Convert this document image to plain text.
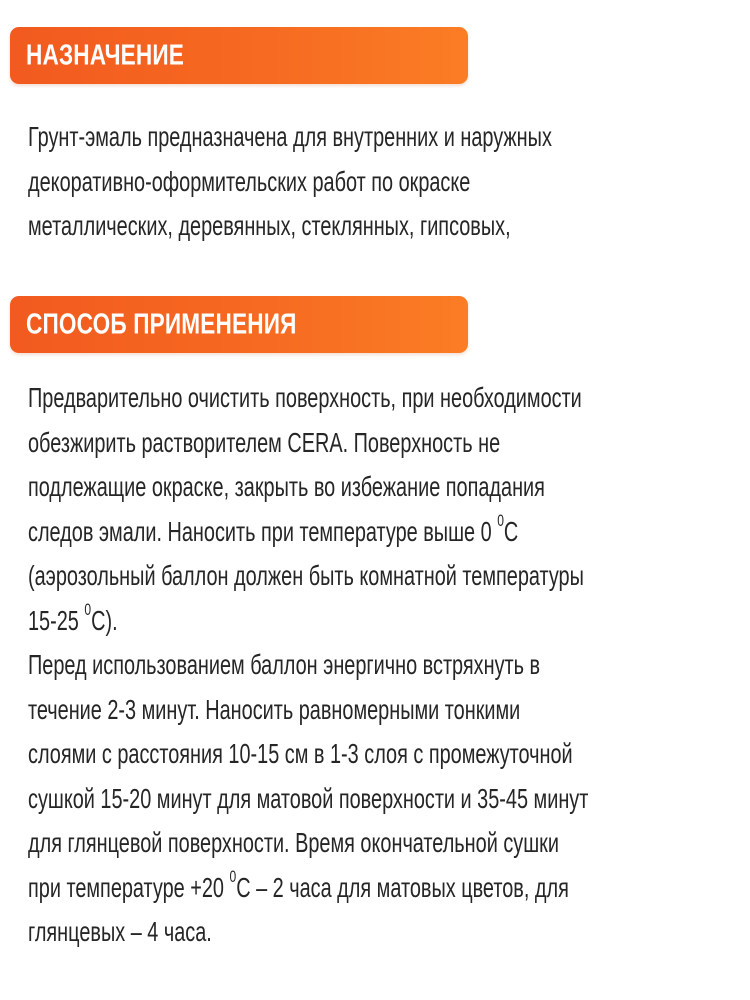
НАЗНАЧЕНИЕ
Грунт-эмаль предназначена для внутренних и наружных
декоративно-оформительских работ по окраске
металлических, деревянных, стеклянных, гипсовых,
СПОСОБ ПРИМЕНЕНИЯ
Предварительно очистить поверхность, при необходимости
обезжирить растворителем CERA. Поверхность не
подлежащие окраске, закрыть во избежание попадания
следов эмали. Наносить при температуре выше 0 $^0$С
(аэрозольный баллон должен быть комнатной температуры
15-25 $^0$С).
Перед использованием баллон энергично встряхнуть в
течение 2-3 минут. Наносить равномерными тонкими
слоями с расстояния 10-15 см в 1-3 слоя с промежуточной
сушкой 15-20 минут для матовой поверхности и 35-45 минут
для глянцевой поверхности. Время окончательной сушки
при температуре +20 $^0$С – 2 часа для матовых цветов, для
глянцевых – 4 часа.
